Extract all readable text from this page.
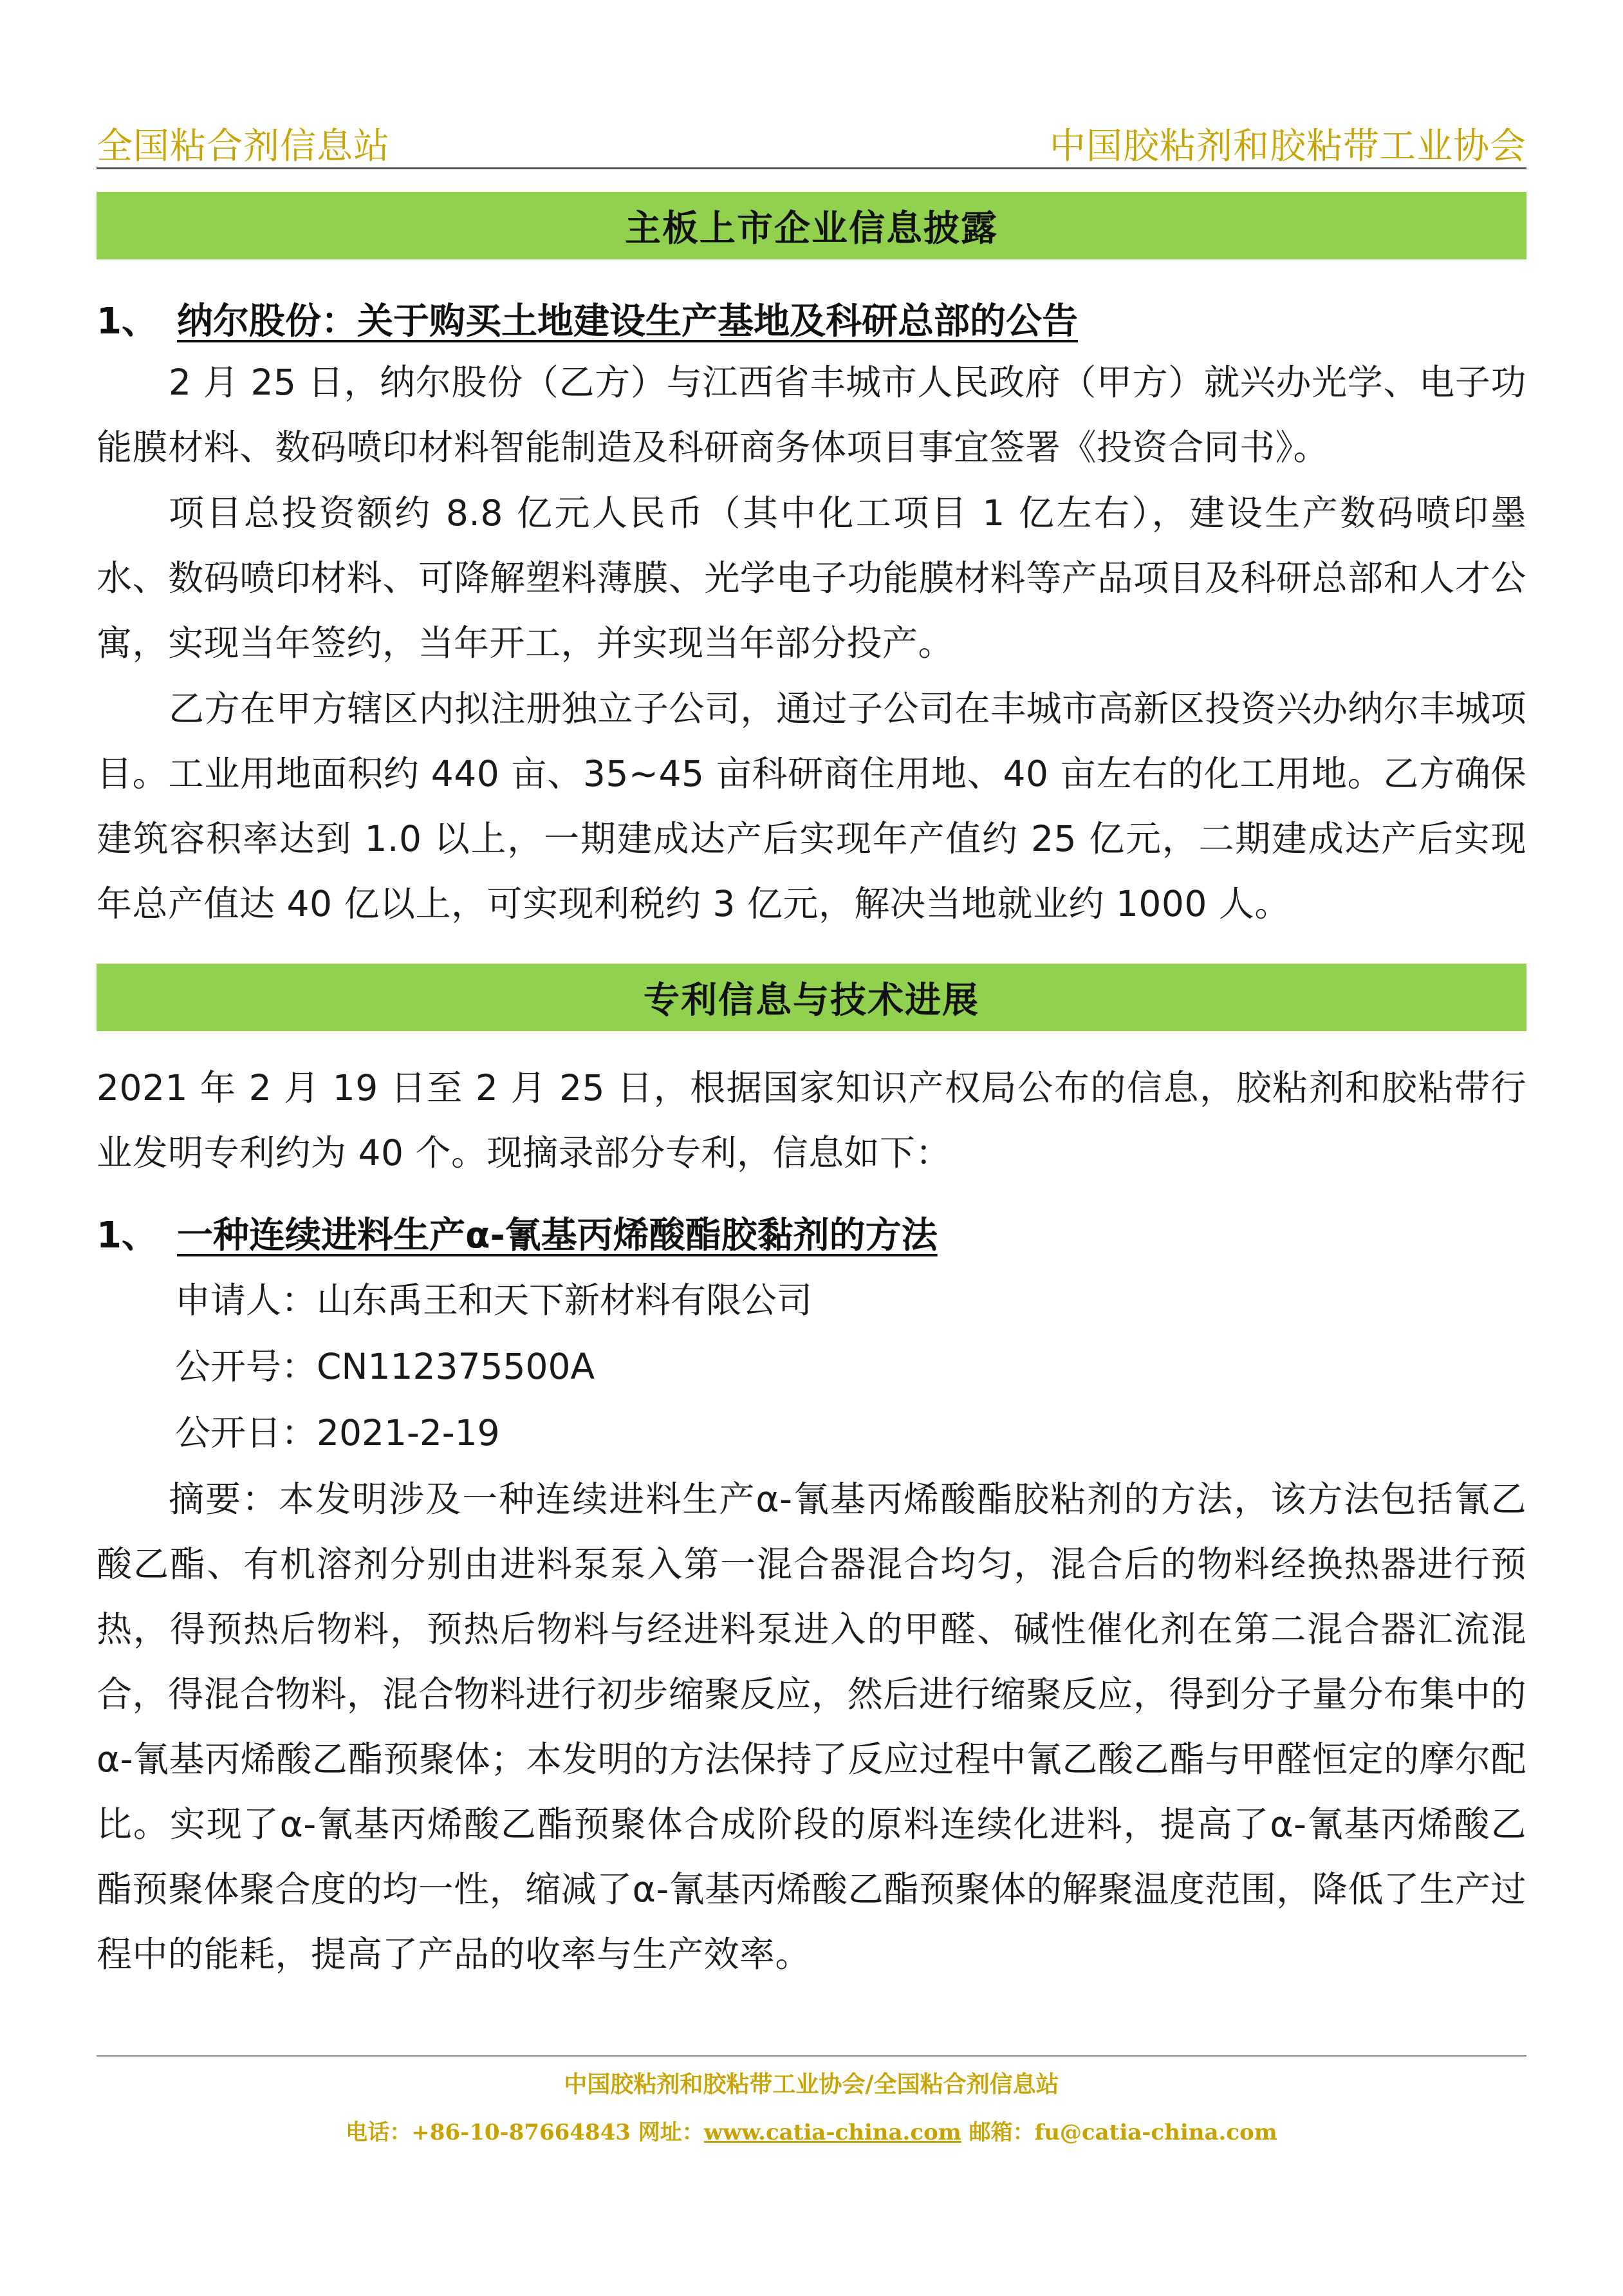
全国粘合剂信息站	中国胶粘剂和胶粘带工业协会
主板上市企业信息披露
1、 纳尔股份：关于购买土地建设生产基地及科研总部的公告
2 月 25 日，纳尔股份（乙方）与江西省丰城市人民政府（甲方）就兴办光学、电子功能膜材料、数码喷印材料智能制造及科研商务体项目事宜签署《投资合同书》。
项目总投资额约 8.8 亿元人民币（其中化工项目 1 亿左右），建设生产数码喷印墨水、数码喷印材料、可降解塑料薄膜、光学电子功能膜材料等产品项目及科研总部和人才公寓，实现当年签约，当年开工，并实现当年部分投产。
乙方在甲方辖区内拟注册独立子公司，通过子公司在丰城市高新区投资兴办纳尔丰城项目。工业用地面积约 440 亩、35~45 亩科研商住用地、40 亩左右的化工用地。乙方确保建筑容积率达到 1.0 以上，一期建成达产后实现年产值约 25 亿元，二期建成达产后实现年总产值达 40 亿以上，可实现利税约 3 亿元，解决当地就业约 1000 人。
专利信息与技术进展
2021 年 2 月 19 日至 2 月 25 日，根据国家知识产权局公布的信息，胶粘剂和胶粘带行业发明专利约为 40 个。现摘录部分专利，信息如下：
1、 一种连续进料生产α-氰基丙烯酸酯胶黏剂的方法
申请人：山东禹王和天下新材料有限公司
公开号：CN112375500A
公开日：2021-2-19
摘要：本发明涉及一种连续进料生产α-氰基丙烯酸酯胶粘剂的方法，该方法包括氰乙酸乙酯、有机溶剂分别由进料泵泵入第一混合器混合均匀，混合后的物料经换热器进行预热，得预热后物料，预热后物料与经进料泵进入的甲醛、碱性催化剂在第二混合器汇流混合，得混合物料，混合物料进行初步缩聚反应，然后进行缩聚反应，得到分子量分布集中的α-氰基丙烯酸乙酯预聚体；本发明的方法保持了反应过程中氰乙酸乙酯与甲醛恒定的摩尔配比。实现了α-氰基丙烯酸乙酯预聚体合成阶段的原料连续化进料，提高了α-氰基丙烯酸乙酯预聚体聚合度的均一性，缩减了α-氰基丙烯酸乙酯预聚体的解聚温度范围，降低了生产过程中的能耗，提高了产品的收率与生产效率。
中国胶粘剂和胶粘带工业协会/全国粘合剂信息站
电话：+86-10-87664843 网址：www.catia-china.com 邮箱：fu@catia-china.com
